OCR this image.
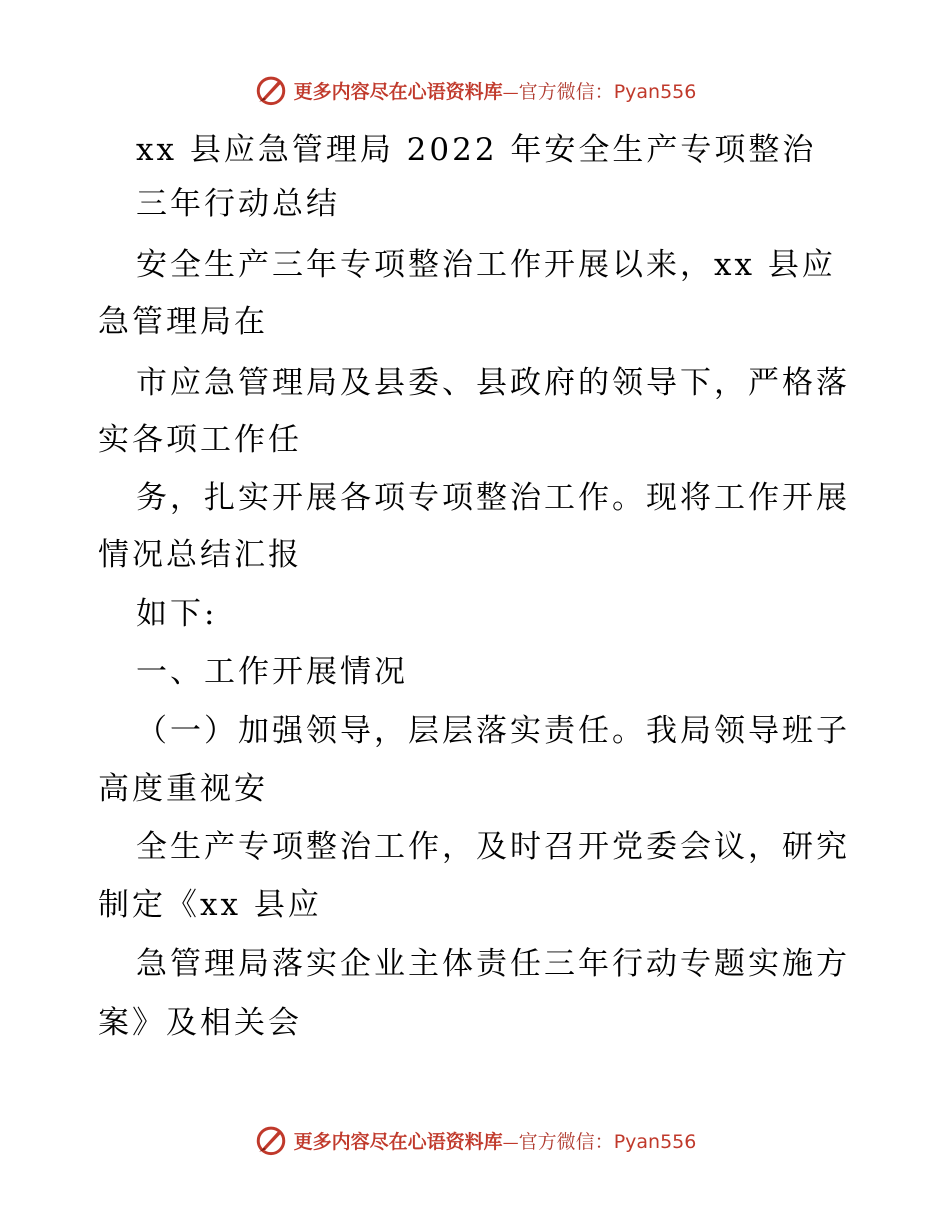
更多内容尽在心语资料库—官方微信：Pyan556
xx 县应急管理局 2022 年安全生产专项整治
三年行动总结
安全生产三年专项整治工作开展以来，xx 县应
急管理局在
市应急管理局及县委、县政府的领导下，严格落
实各项工作任
务，扎实开展各项专项整治工作。现将工作开展
情况总结汇报
如下:
一、工作开展情况
（一）加强领导，层层落实责任。我局领导班子
高度重视安
全生产专项整治工作，及时召开党委会议，研究
制定《xx 县应
急管理局落实企业主体责任三年行动专题实施方
案》及相关会
更多内容尽在心语资料库—官方微信：Pyan556
